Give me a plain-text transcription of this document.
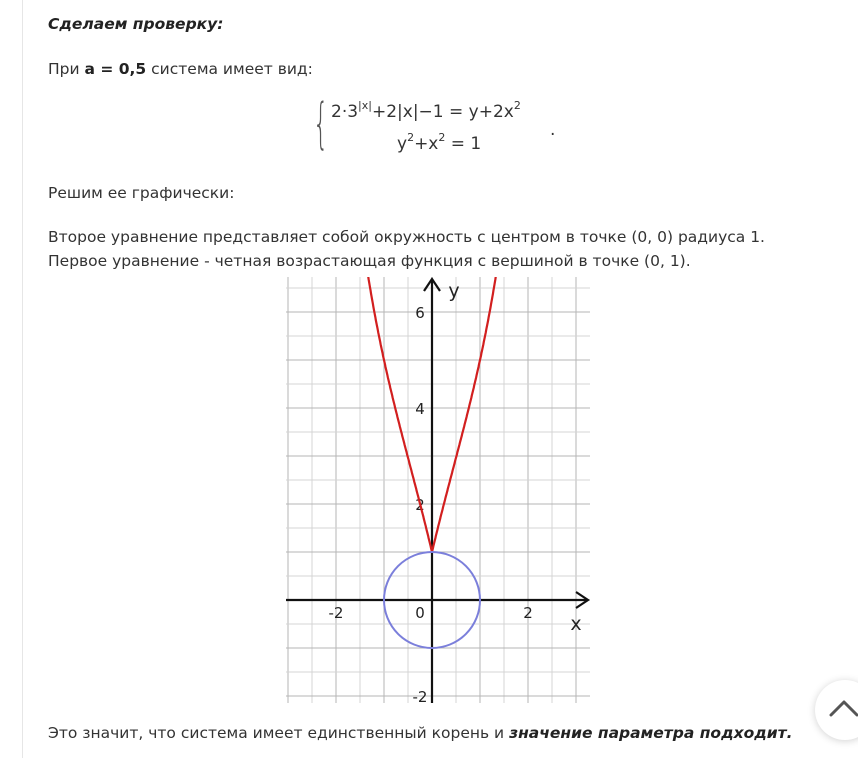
Сделаем проверку:

При a = 0,5 система имеет вид:

{ $2\cdot 3^{|x|}+2|x|-1 = y+2x^2$
$y^2+x^2 = 1$
.

Решим ее графически:

Второе уравнение представляет собой окружность с центром в точке (0, 0) радиуса 1. Первое уравнение - четная возрастающая функция с вершиной в точке (0, 1).

-2	2
2
4
6
-2
0	x
y

Это значит, что система имеет единственный корень и значение параметра подходит.
